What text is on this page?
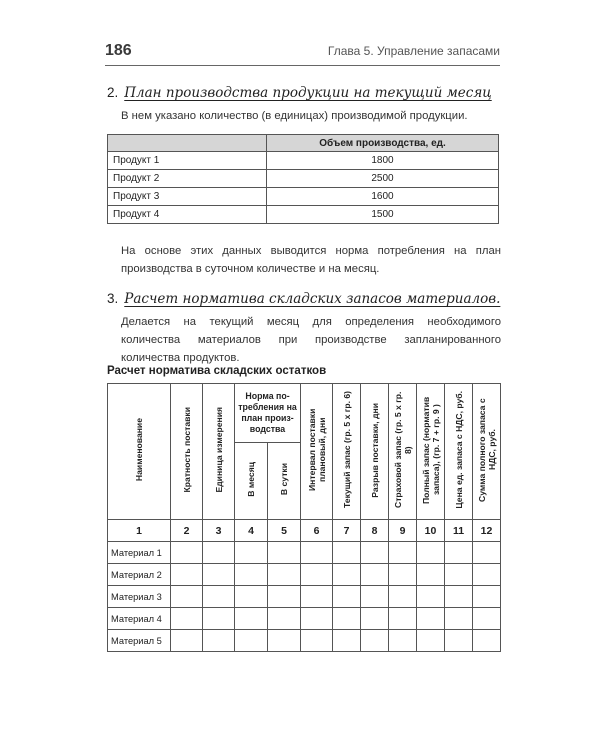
186	Глава 5. Управление запасами
2. План производства продукции на текущий месяц
В нем указано количество (в единицах) производимой продукции.
	Объем производства, ед.
Продукт 1	1800
Продукт 2	2500
Продукт 3	1600
Продукт 4	1500
На основе этих данных выводится норма потребления на план производства в суточном количестве и на месяц.
3. Расчет норматива складских запасов материалов.
Делается на текущий месяц для определения необходимого количества материалов при производстве запланированного количества продуктов.
Расчет норматива складских остатков
Наименование	Кратность поставки	Единица измерения	Норма по-требления на план произ-водства		Интервал поставки плановый, дни	Текущий запас (гр. 5 х гр. 6)	Разрыв поставки, дни	Страховой запас (гр. 5 х гр. 8)	Полный запас (норматив запаса), (гр. 7 + гр. 9 )	Цена ед. запаса с НДС, руб.	Сумма полного запаса с НДС, руб.
			В месяц	В сутки							
1	2	3	4	5	6	7	8	9	10	11	12
Материал 1											
Материал 2											
Материал 3											
Материал 4											
Материал 5											
